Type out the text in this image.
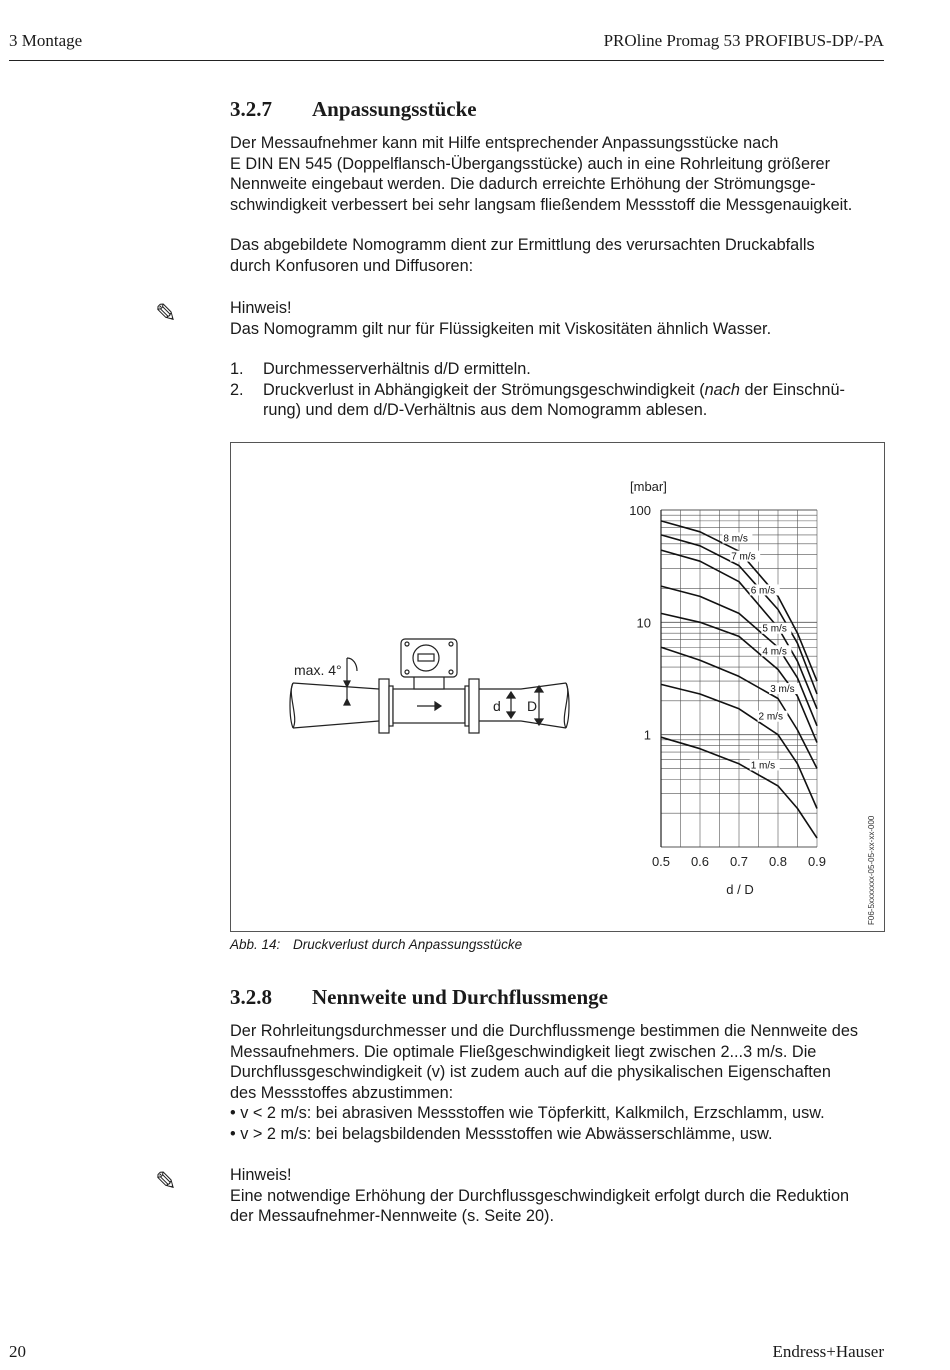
3 Montage	PROline Promag 53 PROFIBUS-DP/-PA
3.2.7 Anpassungsstücke

Der Messaufnehmer kann mit Hilfe entsprechender Anpassungsstücke nach

E DIN EN 545 (Doppelflansch-Übergangsstücke) auch in eine Rohrleitung größerer

Nennweite eingebaut werden. Die dadurch erreichte Erhöhung der Strömungsge-

schwindigkeit verbessert bei sehr langsam fließendem Messstoff die Messgenauigkeit.

Das abgebildete Nomogramm dient zur Ermittlung des verursachten Druckabfalls

durch Konfusoren und Diffusoren:

✎	Hinweis!

Das Nomogramm gilt nur für Flüssigkeiten mit Viskositäten ähnlich Wasser.

1. Durchmesserverhältnis d/D ermitteln.
2. Druckverlust in Abhängigkeit der Strömungsgeschwindigkeit (nach der Einschnü-
rung) und dem d/D-Verhältnis aus dem Nomogramm ablesen.
max. 4°
d D
0.5 0.6 0.7 0.8 0.9
1
10
100
8 m/s
7 m/s
6 m/s
5 m/s
4 m/s
3 m/s
2 m/s
1 m/s
[mbar]
d / D	F06-5xxxxxxx-05-05-xx-xx-000
Abb. 14: Druckverlust durch Anpassungsstücke
3.2.8 Nennweite und Durchflussmenge

Der Rohrleitungsdurchmesser und die Durchflussmenge bestimmen die Nennweite des

Messaufnehmers. Die optimale Fließgeschwindigkeit liegt zwischen 2...3 m/s. Die

Durchflussgeschwindigkeit (v) ist zudem auch auf die physikalischen Eigenschaften

des Messstoffes abzustimmen:

• v < 2 m/s: bei abrasiven Messstoffen wie Töpferkitt, Kalkmilch, Erzschlamm, usw.
• v > 2 m/s: bei belagsbildenden Messstoffen wie Abwässerschlämme, usw.
✎	Hinweis!

Eine notwendige Erhöhung der Durchflussgeschwindigkeit erfolgt durch die Reduktion

der Messaufnehmer-Nennweite (s. Seite 20).

20	Endress+Hauser
